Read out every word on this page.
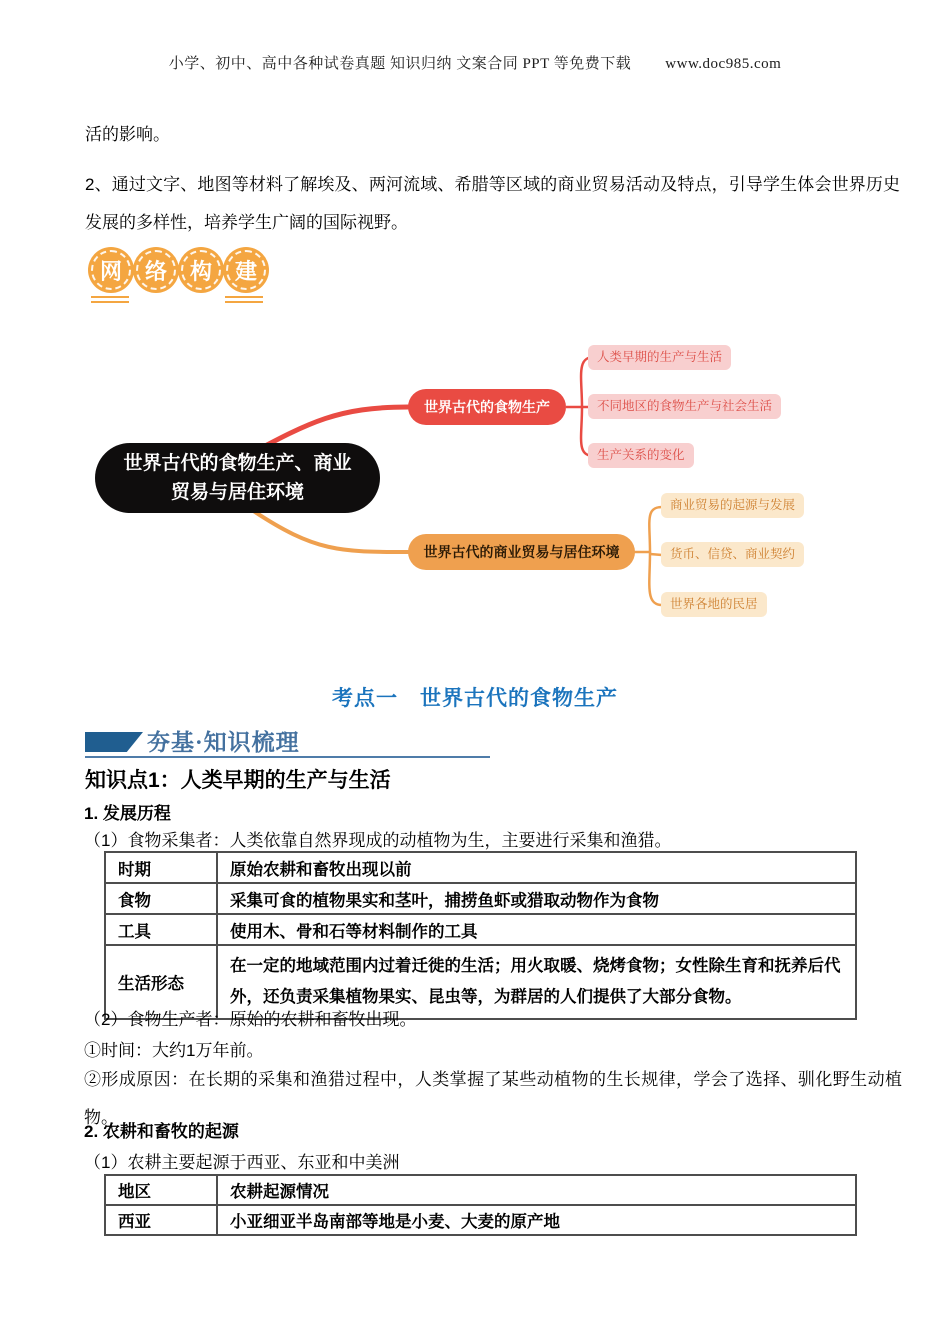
小学、初中、高中各种试卷真题 知识归纳 文案合同 PPT 等免费下载 www.doc985.com
活的影响。
2、通过文字、地图等材料了解埃及、两河流域、希腊等区域的商业贸易活动及特点，引导学生体会世界历史发展的多样性，培养学生广阔的国际视野。
网 络 构 建
世界古代的食物生产、商业贸易与居住环境
世界古代的食物生产
世界古代的商业贸易与居住环境
人类早期的生产与生活
不同地区的食物生产与社会生活
生产关系的变化
商业贸易的起源与发展
货币、信贷、商业契约
世界各地的民居
考点一　世界古代的食物生产
夯基·知识梳理
知识点1：人类早期的生产与生活
1. 发展历程
（1）食物采集者：人类依靠自然界现成的动植物为生，主要进行采集和渔猎。
时期	原始农耕和畜牧出现以前
食物	采集可食的植物果实和茎叶，捕捞鱼虾或猎取动物作为食物
工具	使用木、骨和石等材料制作的工具
生活形态	在一定的地域范围内过着迁徙的生活；用火取暖、烧烤食物；女性除生育和抚养后代外，还负责采集植物果实、昆虫等，为群居的人们提供了大部分食物。
（2）食物生产者：原始的农耕和畜牧出现。
①时间：大约1万年前。
②形成原因：在长期的采集和渔猎过程中，人类掌握了某些动植物的生长规律，学会了选择、驯化野生动植物。
2. 农耕和畜牧的起源
（1）农耕主要起源于西亚、东亚和中美洲
地区	农耕起源情况
西亚	小亚细亚半岛南部等地是小麦、大麦的原产地
